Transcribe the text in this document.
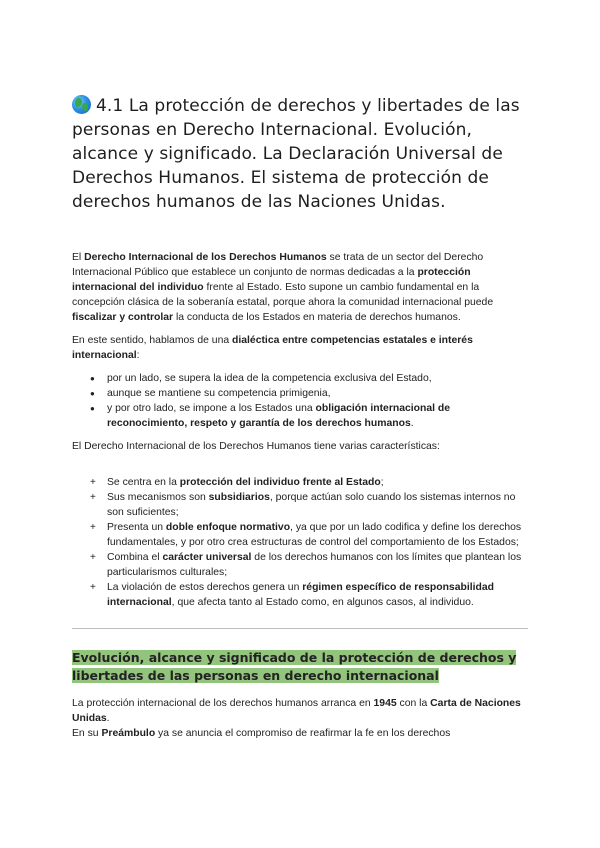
4.1 La protección de derechos y libertades de las personas en Derecho Internacional. Evolución, alcance y significado. La Declaración Universal de Derechos Humanos. El sistema de protección de derechos humanos de las Naciones Unidas.

El Derecho Internacional de los Derechos Humanos se trata de un sector del Derecho Internacional Público que establece un conjunto de normas dedicadas a la protección internacional del individuo frente al Estado. Esto supone un cambio fundamental en la concepción clásica de la soberanía estatal, porque ahora la comunidad internacional puede fiscalizar y controlar la conducta de los Estados en materia de derechos humanos.

En este sentido, hablamos de una dialéctica entre competencias estatales e interés internacional:

● por un lado, se supera la idea de la competencia exclusiva del Estado,
● aunque se mantiene su competencia primigenia,
● y por otro lado, se impone a los Estados una obligación internacional de reconocimiento, respeto y garantía de los derechos humanos.

El Derecho Internacional de los Derechos Humanos tiene varias características:

+ Se centra en la protección del individuo frente al Estado;
+ Sus mecanismos son subsidiarios, porque actúan solo cuando los sistemas internos no son suficientes;
+ Presenta un doble enfoque normativo, ya que por un lado codifica y define los derechos fundamentales, y por otro crea estructuras de control del comportamiento de los Estados;
+ Combina el carácter universal de los derechos humanos con los límites que plantean los particularismos culturales;
+ La violación de estos derechos genera un régimen específico de responsabilidad internacional, que afecta tanto al Estado como, en algunos casos, al individuo.
Evolución, alcance y significado de la protección de derechos y libertades de las personas en derecho internacional

La protección internacional de los derechos humanos arranca en 1945 con la Carta de Naciones Unidas.

En su Preámbulo ya se anuncia el compromiso de reafirmar la fe en los derechos
